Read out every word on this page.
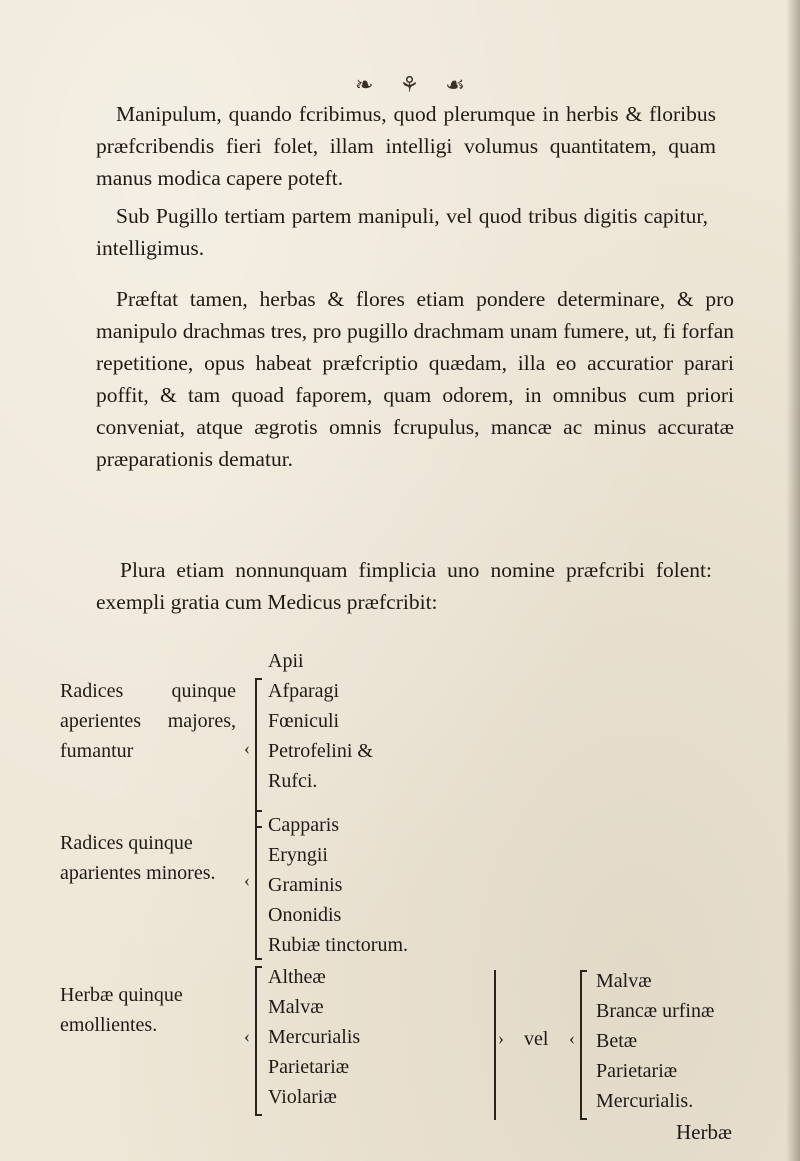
❧ ⚘ ☙
Manipulum, quando fcribimus, quod plerumque in herbis & floribus præfcribendis fieri folet, illam intelligi volumus quantitatem, quam manus modica capere poteft.
Sub Pugillo tertiam partem manipuli, vel quod tribus digitis capitur, intelligimus.
Præftat tamen, herbas & flores etiam pondere determinare, & pro manipulo drachmas tres, pro pugillo drachmam unam fumere, ut, fi forfan repetitione, opus habeat præfcriptio quædam, illa eo accuratior parari poffit, & tam quoad faporem, quam odorem, in omnibus cum priori conveniat, atque ægrotis omnis fcrupulus, mancæ ac minus accuratæ præparationis dematur.
Plura etiam nonnunquam fimplicia uno nomine præfcribi folent: exempli gratia cum Medicus præfcribit:
Radices quinque aperientes majores, fumantur	‹
Apii
Afparagi
Fœniculi
Petrofelini &
Rufci.
Radices quinque aparientes minores.	‹
Capparis
Eryngii
Graminis
Ononidis
Rubiæ tinctorum.
Herbæ quinque emollientes.	‹
Altheæ
Malvæ
Mercurialis
Parietariæ
Violariæ
› vel ‹
Malvæ
Brancæ urfinæ
Betæ
Parietariæ
Mercurialis.
Herbæ
